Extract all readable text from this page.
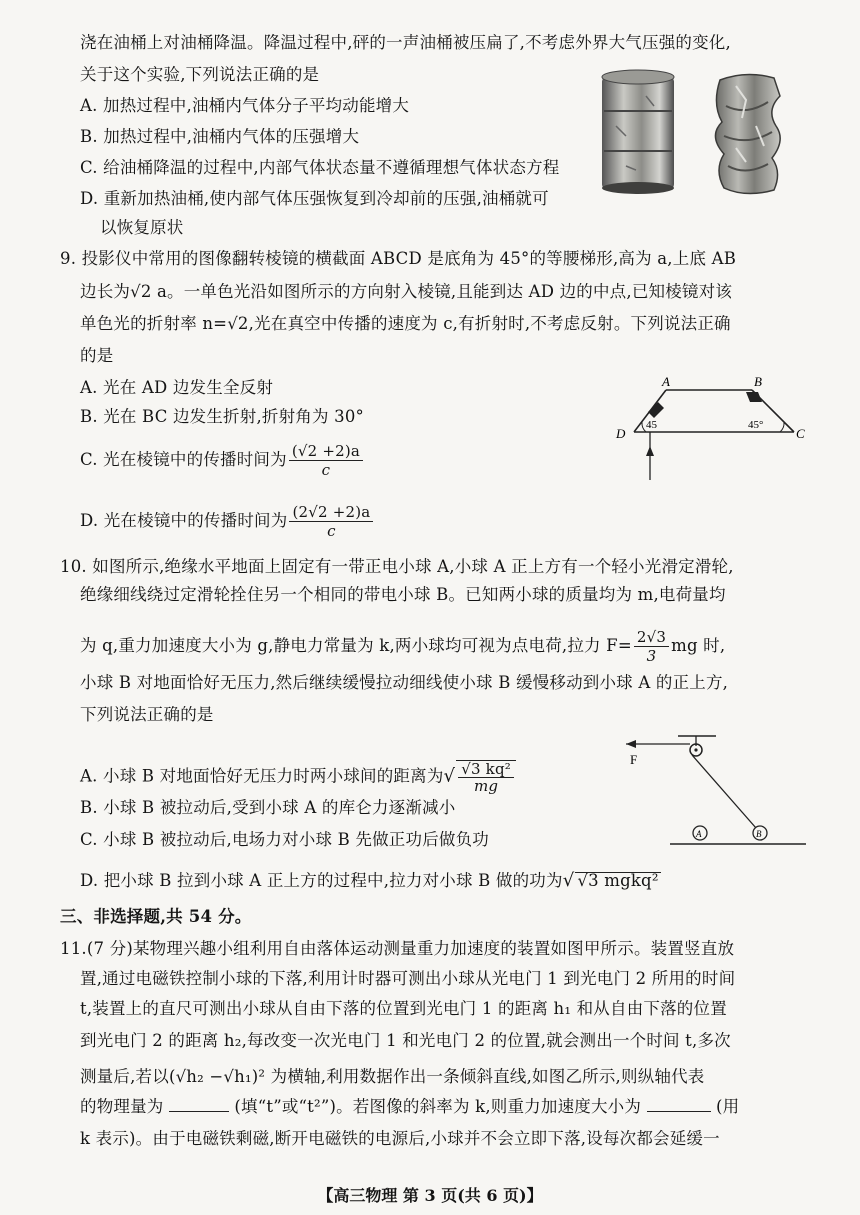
浇在油桶上对油桶降温。降温过程中,砰的一声油桶被压扁了,不考虑外界大气压强的变化,
关于这个实验,下列说法正确的是
A. 加热过程中,油桶内气体分子平均动能增大
B. 加热过程中,油桶内气体的压强增大
C. 给油桶降温的过程中,内部气体状态量不遵循理想气体状态方程
D. 重新加热油桶,使内部气体压强恢复到冷却前的压强,油桶就可
以恢复原状
9. 投影仪中常用的图像翻转棱镜的横截面 ABCD 是底角为 45°的等腰梯形,高为 a,上底 AB
边长为√2 a。一单色光沿如图所示的方向射入棱镜,且能到达 AD 边的中点,已知棱镜对该
单色光的折射率 n=√2,光在真空中传播的速度为 c,有折射时,不考虑反射。下列说法正确
的是
A. 光在 AD 边发生全反射
B. 光在 BC 边发生折射,折射角为 30°
C. 光在棱镜中的传播时间为 $\frac{(√2 +2)a}{c}$
D. 光在棱镜中的传播时间为 $\frac{(2√2 +2)a}{c}$
A	B
C
D
45	45°
10. 如图所示,绝缘水平地面上固定有一带正电小球 A,小球 A 正上方有一个轻小光滑定滑轮,
绝缘细线绕过定滑轮拴住另一个相同的带电小球 B。已知两小球的质量均为 m,电荷量均
为 q,重力加速度大小为 g,静电力常量为 k,两小球均可视为点电荷,拉力 $F= \frac{2√3}{3}$ mg 时,
小球 B 对地面恰好无压力,然后继续缓慢拉动细线使小球 B 缓慢移动到小球 A 的正上方,
下列说法正确的是
A. 小球 B 对地面恰好无压力时两小球间的距离为√ $\frac{\text{√3 kq²}}{mg}$
B. 小球 B 被拉动后,受到小球 A 的库仑力逐渐减小
C. 小球 B 被拉动后,电场力对小球 B 先做正功后做负功
D. 把小球 B 拉到小球 A 正上方的过程中,拉力对小球 B 做的功为√ √3 mgkq²
F
A	B
三、非选择题,共 54 分。
11.(7 分)某物理兴趣小组利用自由落体运动测量重力加速度的装置如图甲所示。装置竖直放
置,通过电磁铁控制小球的下落,利用计时器可测出小球从光电门 1 到光电门 2 所用的时间
t,装置上的直尺可测出小球从自由下落的位置到光电门 1 的距离 h₁ 和从自由下落的位置
到光电门 2 的距离 h₂,每改变一次光电门 1 和光电门 2 的位置,就会测出一个时间 t,多次
测量后,若以(√h₂ −√h₁)² 为横轴,利用数据作出一条倾斜直线,如图乙所示,则纵轴代表
的物理量为	(填“t”或“t²”)。若图像的斜率为 k,则重力加速度大小为	(用
k 表示)。由于电磁铁剩磁,断开电磁铁的电源后,小球并不会立即下落,设每次都会延缓一
【高三物理 第 3 页(共 6 页)】
